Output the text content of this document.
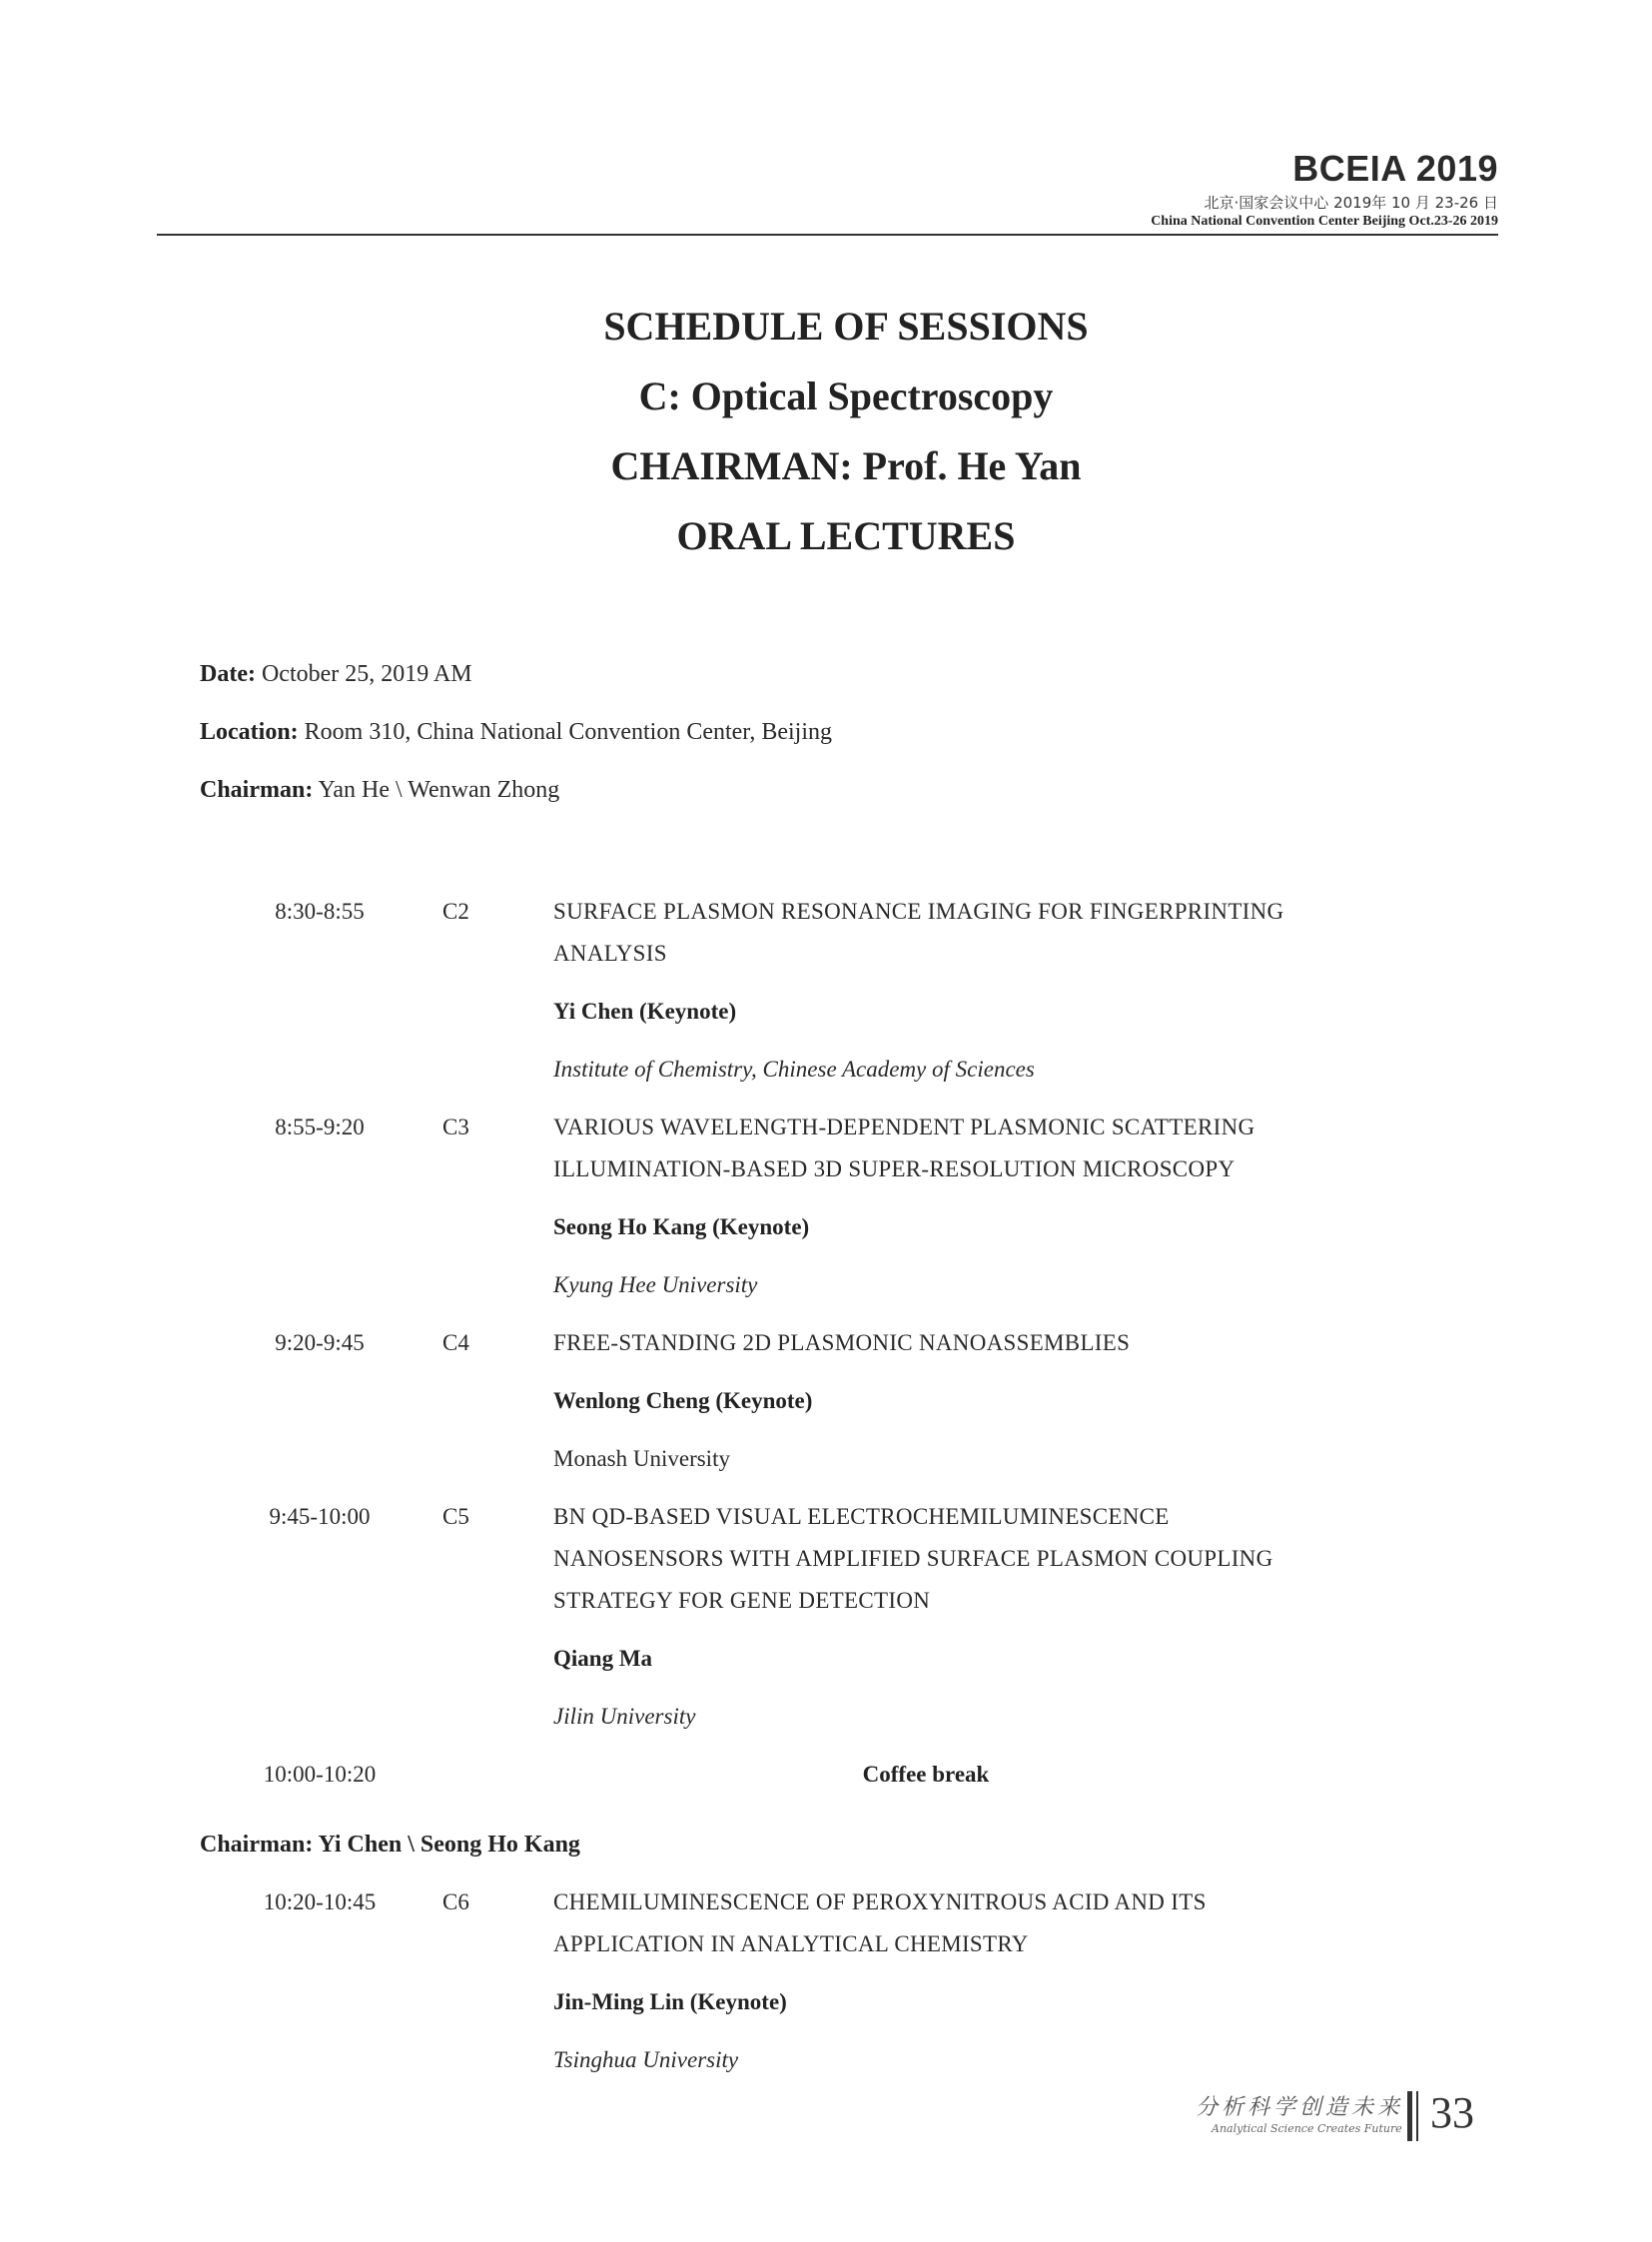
BCEIA 2019
北京·国家会议中心 2019年 10 月 23-26 日
China National Convention Center Beijing Oct.23-26 2019
SCHEDULE OF SESSIONS
C: Optical Spectroscopy
CHAIRMAN: Prof. He Yan
ORAL LECTURES
Date: October 25, 2019 AM
Location: Room 310, China National Convention Center, Beijing
Chairman: Yan He \ Wenwan Zhong
8:30-8:55	C2	SURFACE PLASMON RESONANCE IMAGING FOR FINGERPRINTING
ANALYSIS
Yi Chen (Keynote)
Institute of Chemistry, Chinese Academy of Sciences
8:55-9:20	C3	VARIOUS WAVELENGTH-DEPENDENT PLASMONIC SCATTERING
ILLUMINATION-BASED 3D SUPER-RESOLUTION MICROSCOPY
Seong Ho Kang (Keynote)
Kyung Hee University
9:20-9:45	C4	FREE-STANDING 2D PLASMONIC NANOASSEMBLIES
Wenlong Cheng (Keynote)
Monash University
9:45-10:00	C5	BN QD-BASED VISUAL ELECTROCHEMILUMINESCENCE
NANOSENSORS WITH AMPLIFIED SURFACE PLASMON COUPLING
STRATEGY FOR GENE DETECTION
Qiang Ma
Jilin University
10:00-10:20	Coffee break
Chairman: Yi Chen \ Seong Ho Kang
10:20-10:45	C6	CHEMILUMINESCENCE OF PEROXYNITROUS ACID AND ITS
APPLICATION IN ANALYTICAL CHEMISTRY
Jin-Ming Lin (Keynote)
Tsinghua University
分析科学创造未来
Analytical Science Creates Future 33
